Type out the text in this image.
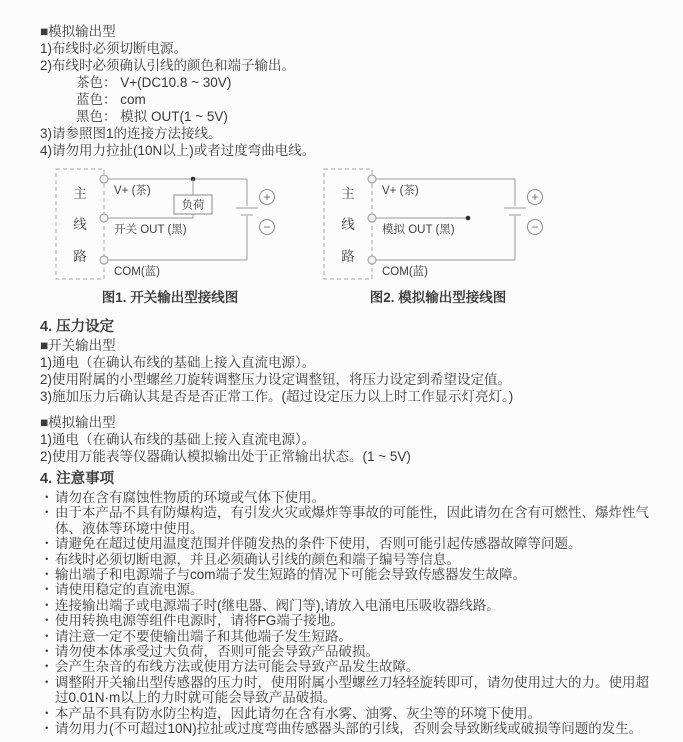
■模拟输出型
1)布线时必须切断电源。
2)布线时必须确认引线的颜色和端子输出。
茶色： V+(DC10.8 ~ 30V)
蓝色： com
黑色： 模拟 OUT(1 ~ 5V)
3)请参照图1的连接方法接线。
4)请勿用力拉扯(10N以上)或者过度弯曲电线。
主
线
路
负荷
+
−
V+ (茶)
开关 OUT (黑)
COM(蓝)
图1. 开关输出型接线图
主
线
路
+
−
V+ (茶)
模拟 OUT (黑)
COM(蓝)
图2. 模拟输出型接线图
4. 压力设定
■开关输出型
1)通电（在确认布线的基础上接入直流电源）。
2)使用附属的小型螺丝刀旋转调整压力设定调整钮，将压力设定到希望设定值。
3)施加压力后确认其是否是否正常工作。(超过设定压力以上时工作显示灯亮灯。)
■模拟输出型
1)通电（在确认布线的基础上接入直流电源）。
2)使用万能表等仪器确认模拟输出处于正常输出状态。(1 ~ 5V)
4. 注意事项
・ 请勿在含有腐蚀性物质的环境或气体下使用。
・ 由于本产品不具有防爆构造，有引发火灾或爆炸等事故的可能性，因此请勿在含有可燃性、爆炸性气体、液体等环境中使用。
・ 请避免在超过使用温度范围并伴随发热的条件下使用，否则可能引起传感器故障等问题。
・ 布线时必须切断电源，并且必须确认引线的颜色和端子编号等信息。
・ 输出端子和电源端子与com端子发生短路的情况下可能会导致传感器发生故障。
・ 请使用稳定的直流电源。
・ 连接输出端子或电源端子时(继电器、阀门等),请放入电涌电压吸收器线路。
・ 使用转换电源等组件电源时，请将FG端子接地。
・ 请注意一定不要使输出端子和其他端子发生短路。
・ 请勿使本体承受过大负荷，否则可能会导致产品破损。
・ 会产生杂音的布线方法或使用方法可能会导致产品发生故障。
・ 调整附开关输出型传感器的压力时，使用附属小型螺丝刀轻轻旋转即可，请勿使用过大的力。使用超过0.01N·m以上的力时就可能会导致产品破损。
・ 本产品不具有防水防尘构造，因此请勿在含有水雾、油雾、灰尘等的环境下使用。
・ 请勿用力(不可超过10N)拉扯或过度弯曲传感器头部的引线，否则会导致断线或破损等问题的发生。
